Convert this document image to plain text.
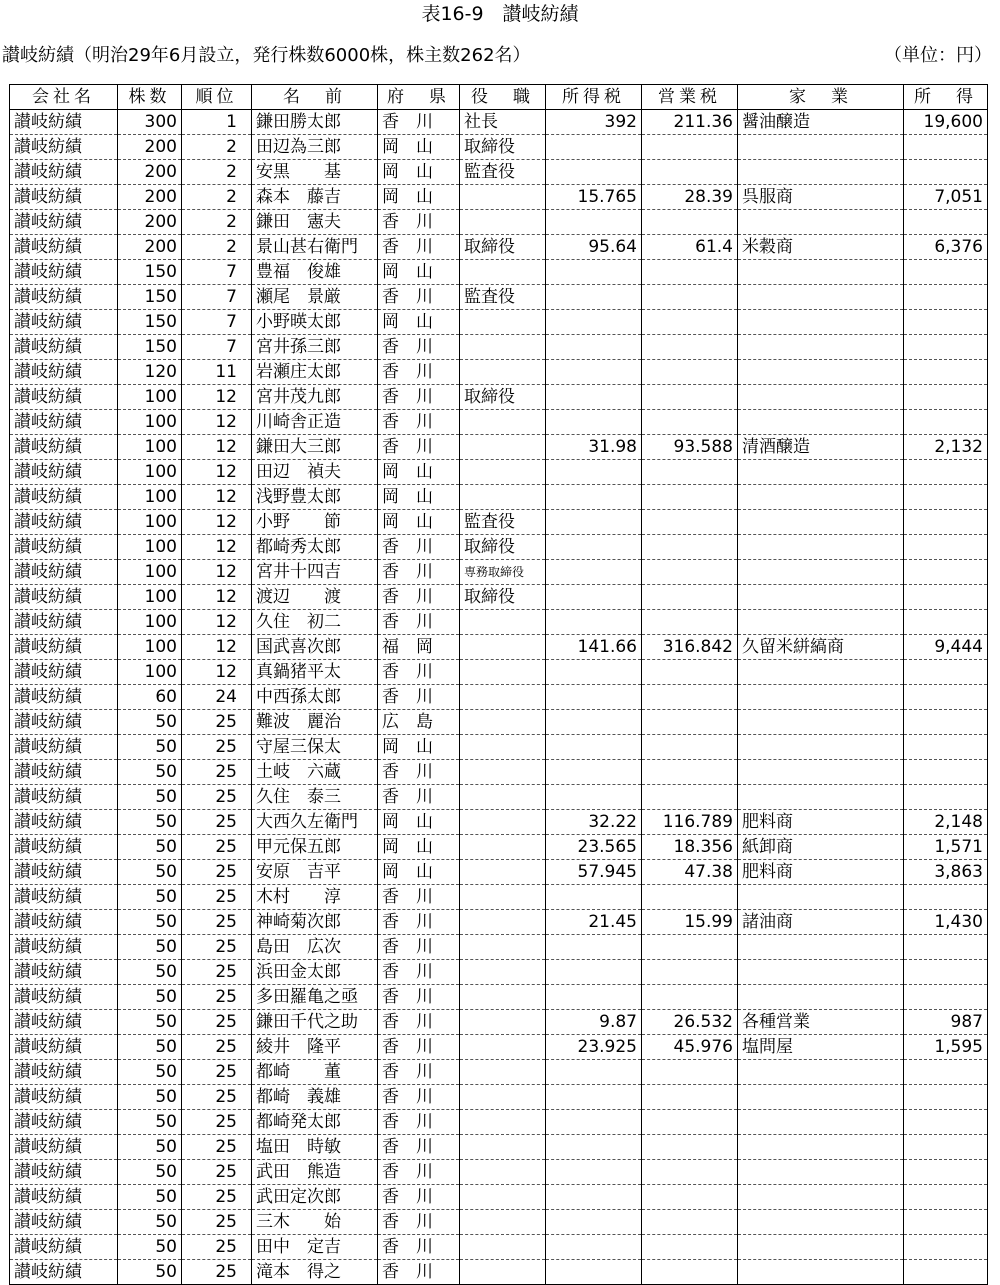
表16-9　讃岐紡績
讃岐紡績（明治29年6月設立，発行株数6000株，株主数262名）	（単位：円）
会社名	株数	順位	名　前	府　県	役　職	所得税	営業税	家　業	所　得
讃岐紡績	300	1	鎌田勝太郎	香　川	社長	392	211.36	醤油醸造	19,600
讃岐紡績	200	2	田辺為三郎	岡　山	取締役				
讃岐紡績	200	2	安黒　　基	岡　山	監査役				
讃岐紡績	200	2	森本　藤吉	岡　山		15.765	28.39	呉服商	7,051
讃岐紡績	200	2	鎌田　憲夫	香　川					
讃岐紡績	200	2	景山甚右衛門	香　川	取締役	95.64	61.4	米穀商	6,376
讃岐紡績	150	7	豊福　俊雄	岡　山					
讃岐紡績	150	7	瀬尾　景厳	香　川	監査役				
讃岐紡績	150	7	小野暎太郎	岡　山					
讃岐紡績	150	7	宮井孫三郎	香　川					
讃岐紡績	120	11	岩瀬庄太郎	香　川					
讃岐紡績	100	12	宮井茂九郎	香　川	取締役				
讃岐紡績	100	12	川崎舎正造	香　川					
讃岐紡績	100	12	鎌田大三郎	香　川		31.98	93.588	清酒醸造	2,132
讃岐紡績	100	12	田辺　禎夫	岡　山					
讃岐紡績	100	12	浅野豊太郎	岡　山					
讃岐紡績	100	12	小野　　節	岡　山	監査役				
讃岐紡績	100	12	都崎秀太郎	香　川	取締役				
讃岐紡績	100	12	宮井十四吉	香　川	専務取締役				
讃岐紡績	100	12	渡辺　　渡	香　川	取締役				
讃岐紡績	100	12	久住　初二	香　川					
讃岐紡績	100	12	国武喜次郎	福　岡		141.66	316.842	久留米絣縞商	9,444
讃岐紡績	100	12	真鍋猪平太	香　川					
讃岐紡績	60	24	中西孫太郎	香　川					
讃岐紡績	50	25	難波　麗治	広　島					
讃岐紡績	50	25	守屋三保太	岡　山					
讃岐紡績	50	25	土岐　六蔵	香　川					
讃岐紡績	50	25	久住　泰三	香　川					
讃岐紡績	50	25	大西久左衛門	岡　山		32.22	116.789	肥料商	2,148
讃岐紡績	50	25	甲元保五郎	岡　山		23.565	18.356	紙卸商	1,571
讃岐紡績	50	25	安原　吉平	岡　山		57.945	47.38	肥料商	3,863
讃岐紡績	50	25	木村　　淳	香　川					
讃岐紡績	50	25	神崎菊次郎	香　川		21.45	15.99	諸油商	1,430
讃岐紡績	50	25	島田　広次	香　川					
讃岐紡績	50	25	浜田金太郎	香　川					
讃岐紡績	50	25	多田羅亀之亟	香　川					
讃岐紡績	50	25	鎌田千代之助	香　川		9.87	26.532	各種営業	987
讃岐紡績	50	25	綾井　隆平	香　川		23.925	45.976	塩問屋	1,595
讃岐紡績	50	25	都崎　　董	香　川					
讃岐紡績	50	25	都崎　義雄	香　川					
讃岐紡績	50	25	都崎発太郎	香　川					
讃岐紡績	50	25	塩田　時敏	香　川					
讃岐紡績	50	25	武田　熊造	香　川					
讃岐紡績	50	25	武田定次郎	香　川					
讃岐紡績	50	25	三木　　始	香　川					
讃岐紡績	50	25	田中　定吉	香　川					
讃岐紡績	50	25	滝本　得之	香　川					
